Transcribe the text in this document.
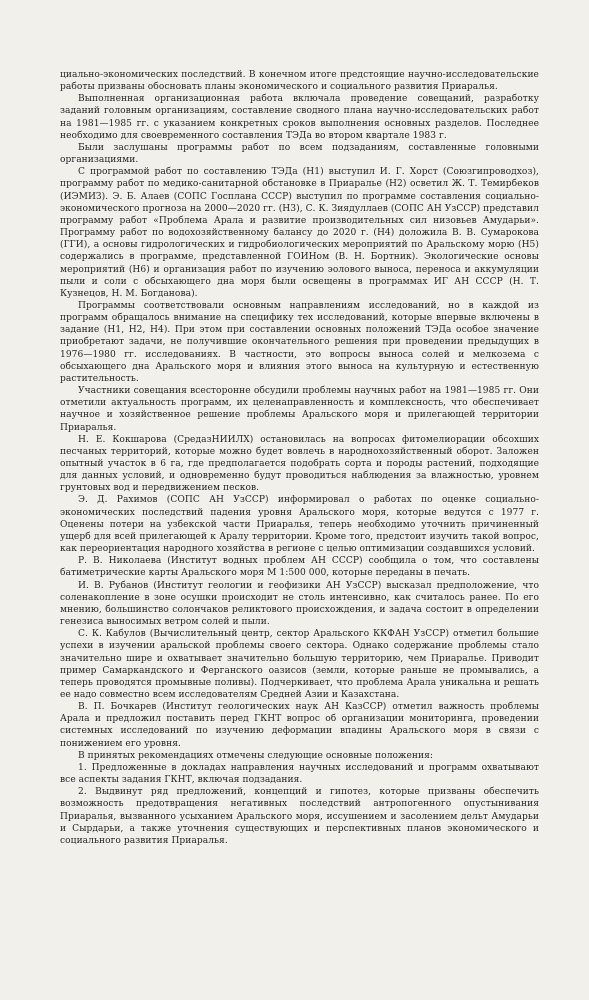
циально-экономических последствий. В конечном итоге предстоящие научно-исследовательские работы призваны обосновать планы экономического и социального развития Приаралья.

Выполненная организационная работа включала проведение совещаний, разработку заданий головным организациям, составление сводного плана научно-исследовательских работ на 1981—1985 гг. с указанием конкретных сроков выполнения основных разделов. Последнее необходимо для своевременного составления ТЭДа во втором квартале 1983 г.

Были заслушаны программы работ по всем подзаданиям, составленные головными организациями.

С программой работ по составлению ТЭДа (Н1) выступил И. Г. Хорст (Союзгипроводхоз), программу работ по медико-санитарной обстановке в Приаралье (Н2) осветил Ж. Т. Темирбеков (ИЭМИЗ). Э. Б. Алаев (СОПС Госплана СССР) выступил по программе составления социально-экономического прогноза на 2000—2020 гг. (Н3), С. К. Зиядуллаев (СОПС АН УзССР) представил программу работ «Проблема Арала и развитие производительных сил низовьев Амударьи». Программу работ по водохозяйственному балансу до 2020 г. (Н4) доложила В. В. Сумарокова (ГГИ), а основы гидрологических и гидробиологических мероприятий по Аральскому морю (Н5) содержались в программе, представленной ГОИНом (В. Н. Бортник). Экологические основы мероприятий (Н6) и организация работ по изучению эолового выноса, переноса и аккумуляции пыли и соли с обсыхающего дна моря были освещены в программах ИГ АН СССР (Н. Т. Кузнецов, Н. М. Богданова).

Программы соответствовали основным направлениям исследований, но в каждой из программ обращалось внимание на специфику тех исследований, которые впервые включены в задание (Н1, Н2, Н4). При этом при составлении основных положений ТЭДа особое значение приобретают задачи, не получившие окончательного решения при проведении предыдущих в 1976—1980 гг. исследованиях. В частности, это вопросы выноса солей и мелкозема с обсыхающего дна Аральского моря и влияния этого выноса на культурную и естественную растительность.

Участники совещания всесторонне обсудили проблемы научных работ на 1981—1985 гг. Они отметили актуальность программ, их целенаправленность и комплексность, что обеспечивает научное и хозяйственное решение проблемы Аральского моря и прилегающей территории Приаралья.

Н. Е. Кокшарова (СредазНИИЛХ) остановилась на вопросах фитомелиорации обсохших песчаных территорий, которые можно будет вовлечь в народнохозяйственный оборот. Заложен опытный участок в 6 га, где предполагается подобрать сорта и породы растений, подходящие для данных условий, и одновременно будут проводиться наблюдения за влажностью, уровнем грунтовых вод и передвижением песков.

Э. Д. Рахимов (СОПС АН УзССР) информировал о работах по оценке социально-экономических последствий падения уровня Аральского моря, которые ведутся с 1977 г. Оценены потери на узбекской части Приаралья, теперь необходимо уточнить причиненный ущерб для всей прилегающей к Аралу территории. Кроме того, предстоит изучить такой вопрос, как переориентация народного хозяйства в регионе с целью оптимизации создавшихся условий.

Р. В. Николаева (Институт водных проблем АН СССР) сообщила о том, что составлены батиметрические карты Аральского моря М 1:500 000, которые переданы в печать.

И. В. Рубанов (Институт геологии и геофизики АН УзССР) высказал предположение, что соленакопление в зоне осушки происходит не столь интенсивно, как считалось ранее. По его мнению, большинство солончаков реликтового происхождения, и задача состоит в определении генезиса выносимых ветром солей и пыли.

С. К. Кабулов (Вычислительный центр, сектор Аральского ККФАН УзССР) отметил большие успехи в изучении аральской проблемы своего сектора. Однако содержание проблемы стало значительно шире и охватывает значительно большую территорию, чем Приаралье. Приводит пример Самаркандского и Ферганского оазисов (земли, которые раньше не промывались, а теперь проводятся промывные поливы). Подчеркивает, что проблема Арала уникальна и решать ее надо совместно всем исследователям Средней Азии и Казахстана.

В. П. Бочкарев (Институт геологических наук АН КазССР) отметил важность проблемы Арала и предложил поставить перед ГКНТ вопрос об организации мониторинга, проведении системных исследований по изучению деформации впадины Аральского моря в связи с понижением его уровня.

В принятых рекомендациях отмечены следующие основные положения:

1. Предложенные в докладах направления научных исследований и программ охватывают все аспекты задания ГКНТ, включая подзадания.

2. Выдвинут ряд предложений, концепций и гипотез, которые призваны обеспечить возможность предотвращения негативных последствий антропогенного опустынивания Приаралья, вызванного усыханием Аральского моря, иссушением и засолением дельт Амударьи и Сырдарьи, а также уточнения существующих и перспективных планов экономического и социального развития Приаралья.
